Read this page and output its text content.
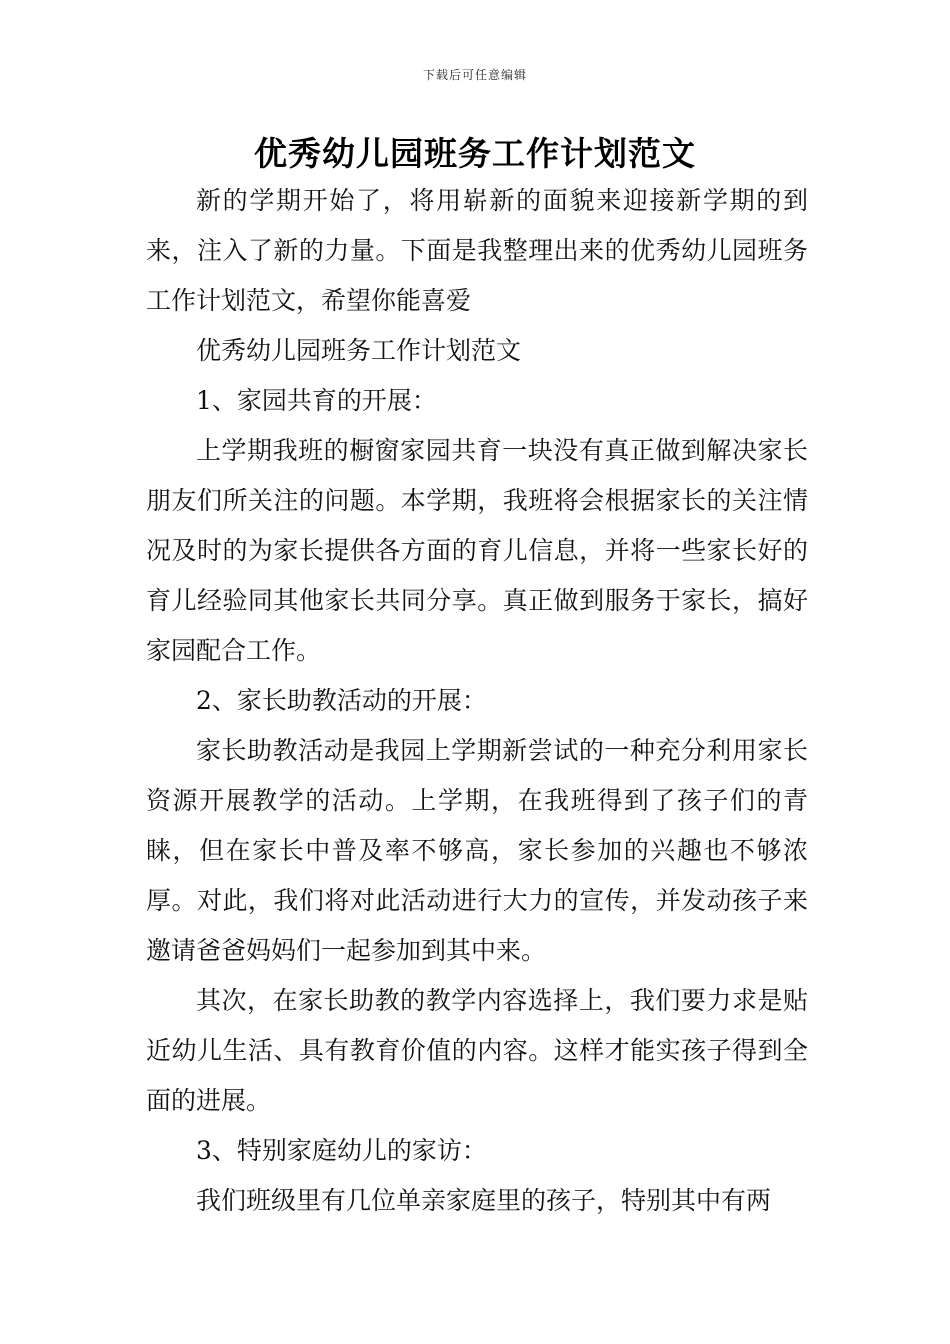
下载后可任意编辑
优秀幼儿园班务工作计划范文

新的学期开始了，将用崭新的面貌来迎接新学期的到来，注入了新的力量。下面是我整理出来的优秀幼儿园班务工作计划范文，希望你能喜爱

优秀幼儿园班务工作计划范文

1、家园共育的开展：

上学期我班的橱窗家园共育一块没有真正做到解决家长朋友们所关注的问题。本学期，我班将会根据家长的关注情况及时的为家长提供各方面的育儿信息，并将一些家长好的育儿经验同其他家长共同分享。真正做到服务于家长，搞好家园配合工作。

2、家长助教活动的开展：

家长助教活动是我园上学期新尝试的一种充分利用家长资源开展教学的活动。上学期，在我班得到了孩子们的青睐，但在家长中普及率不够高，家长参加的兴趣也不够浓厚。对此，我们将对此活动进行大力的宣传，并发动孩子来邀请爸爸妈妈们一起参加到其中来。

其次，在家长助教的教学内容选择上，我们要力求是贴近幼儿生活、具有教育价值的内容。这样才能实孩子得到全面的进展。

3、特别家庭幼儿的家访：

我们班级里有几位单亲家庭里的孩子，特别其中有两
